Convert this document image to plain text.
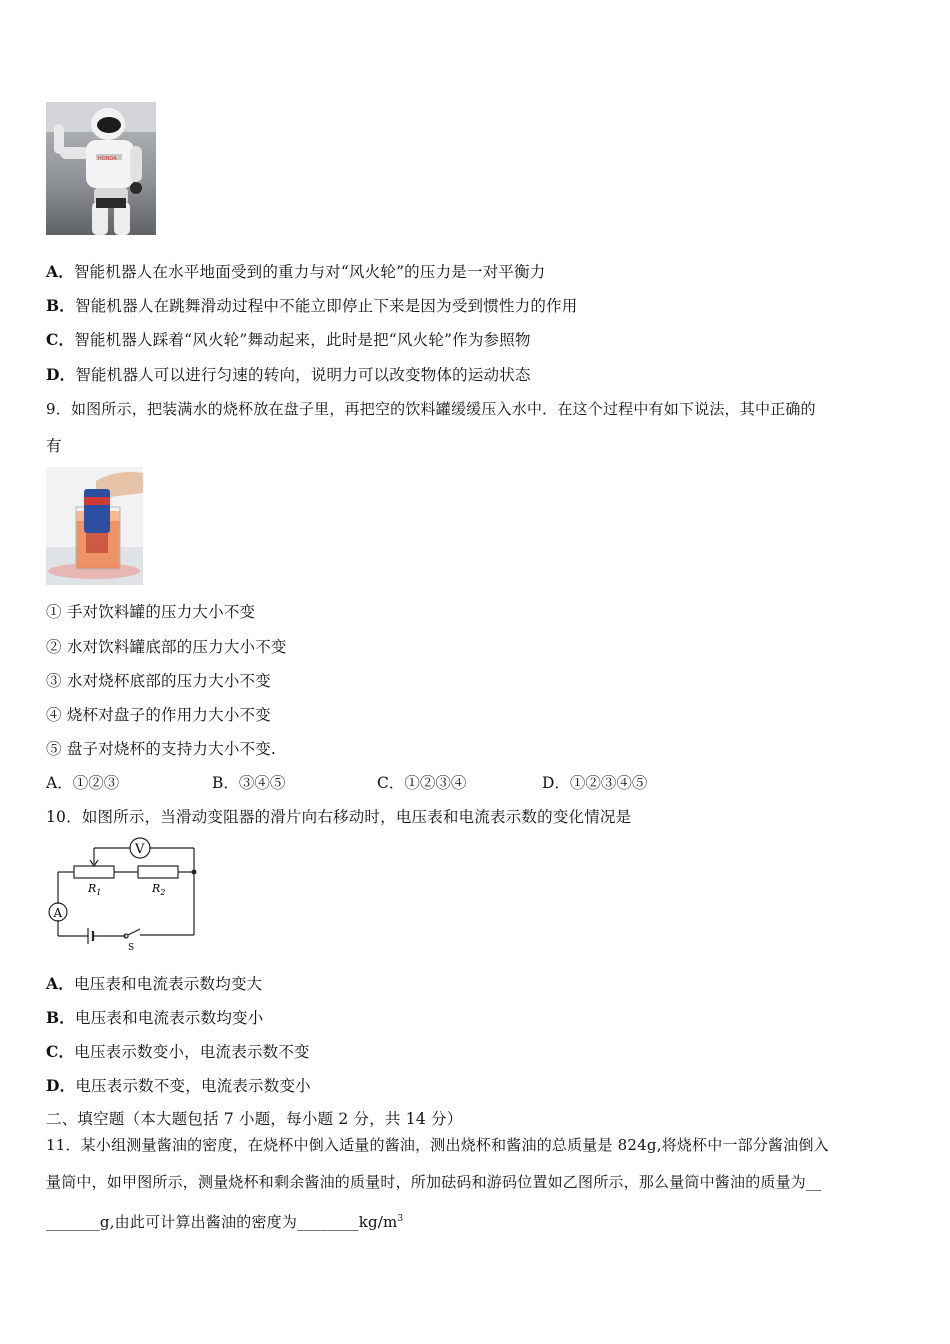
HONDA
A．智能机器人在水平地面受到的重力与对“风火轮”的压力是一对平衡力
B．智能机器人在跳舞滑动过程中不能立即停止下来是因为受到惯性力的作用
C．智能机器人踩着“风火轮”舞动起来，此时是把“风火轮”作为参照物
D．智能机器人可以进行匀速的转向，说明力可以改变物体的运动状态
9．如图所示，把装满水的烧杯放在盘子里，再把空的饮料罐缓缓压入水中．在这个过程中有如下说法，其中正确的
有
① 手对饮料罐的压力大小不变
② 水对饮料罐底部的压力大小不变
③ 水对烧杯底部的压力大小不变
④ 烧杯对盘子的作用力大小不变
⑤ 盘子对烧杯的支持力大小不变.
A．①②③	B．③④⑤	C．①②③④	D．①②③④⑤
10．如图所示，当滑动变阻器的滑片向右移动时，电压表和电流表示数的变化情况是
V
A
$R_1$	$R_2$
S
A．电压表和电流表示数均变大
B．电压表和电流表示数均变小
C．电压表示数变小，电流表示数不变
D．电压表示数不变，电流表示数变小
二、填空题（本大题包括 7 小题，每小题 2 分，共 14 分）
11．某小组测量酱油的密度，在烧杯中倒入适量的酱油，测出烧杯和酱油的总质量是 824g,将烧杯中一部分酱油倒入
量筒中，如甲图所示，测量烧杯和剩余酱油的质量时，所加砝码和游码位置如乙图所示，那么量筒中酱油的质量为__
_______g,由此可计算出酱油的密度为$\_\_\_\_\_\_\_\_kg/m^3$
